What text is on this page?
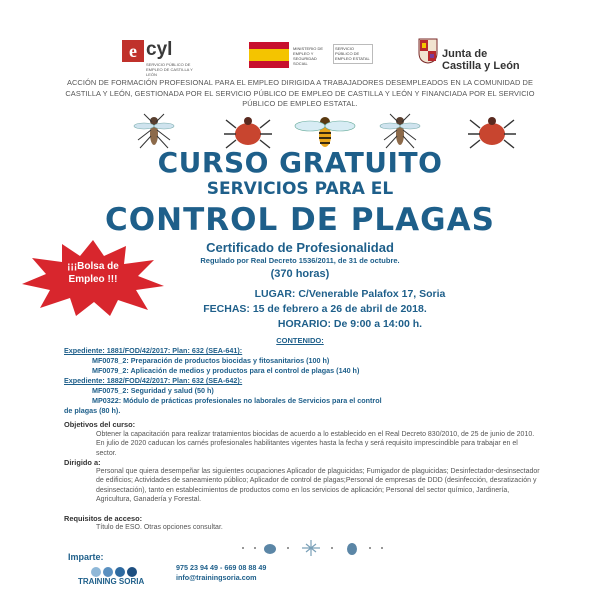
e cyl
SERVICIO PÚBLICO DE EMPLEO DE CASTILLA Y LEÓN
MINISTERIO DE EMPLEO Y SEGURIDAD SOCIAL
SERVICIO PÚBLICO DE EMPLEO ESTATAL	Junta de
Castilla y León
ACCIÓN DE FORMACIÓN PROFESIONAL PARA EL EMPLEO DIRIGIDA A TRABAJADORES DESEMPLEADOS EN LA COMUNIDAD DE CASTILLA Y LEÓN, GESTIONADA POR EL SERVICIO PÚBLICO DE EMPLEO DE CASTILLA Y LEÓN Y FINANCIADA POR EL SERVICIO PÚBLICO DE EMPLEO ESTATAL.
CURSO GRATUITO
SERVICIOS PARA EL
CONTROL DE PLAGAS
Certificado de Profesionalidad
Regulado por Real Decreto 1536/2011, de 31 de octubre.
(370 horas)
¡¡¡Bolsa de
Empleo !!!
LUGAR: C/Venerable Palafox 17, Soria
FECHAS: 15 de febrero a 26 de abril de 2018.
HORARIO: De 9:00 a 14:00 h.
CONTENIDO:
Expediente: 1881/FOD/42/2017: Plan: 632 (SEA-641):
MF0078_2: Preparación de productos biocidas y fitosanitarios (100 h)
MF0079_2: Aplicación de medios y productos para el control de plagas (140 h)
Expediente: 1882/FOD/42/2017: Plan: 632 (SEA-642):
MF0075_2: Seguridad y salud (50 h)
MP0322: Módulo de prácticas profesionales no laborales de Servicios para el control
de plagas (80 h).
Objetivos del curso:
Obtener la capacitación para realizar tratamientos biocidas de acuerdo a lo establecido en el Real Decreto 830/2010, de 25 de junio de 2010. En julio de 2020 caducan los carnés profesionales habilitantes vigentes hasta la fecha y será requisito imprescindible para trabajar en el sector.
Dirigido a:
Personal que quiera desempeñar las siguientes ocupaciones Aplicador de plaguicidas; Fumigador de plaguicidas; Desinfectador-desinsectador de edificios; Actividades de saneamiento público; Aplicador de control de plagas;Personal de empresas de DDD (desinfección, desratización y desinsectación), tanto en establecimientos de productos como en los servicios de aplicación; Personal del sector químico, Jardinería, Agricultura, Ganadería y Forestal.
Requisitos de acceso:
Título de ESO. Otras opciones consultar.
Imparte:
TRAINING SORIA
975 23 94 49 - 669 08 88 49
info@trainingsoria.com
